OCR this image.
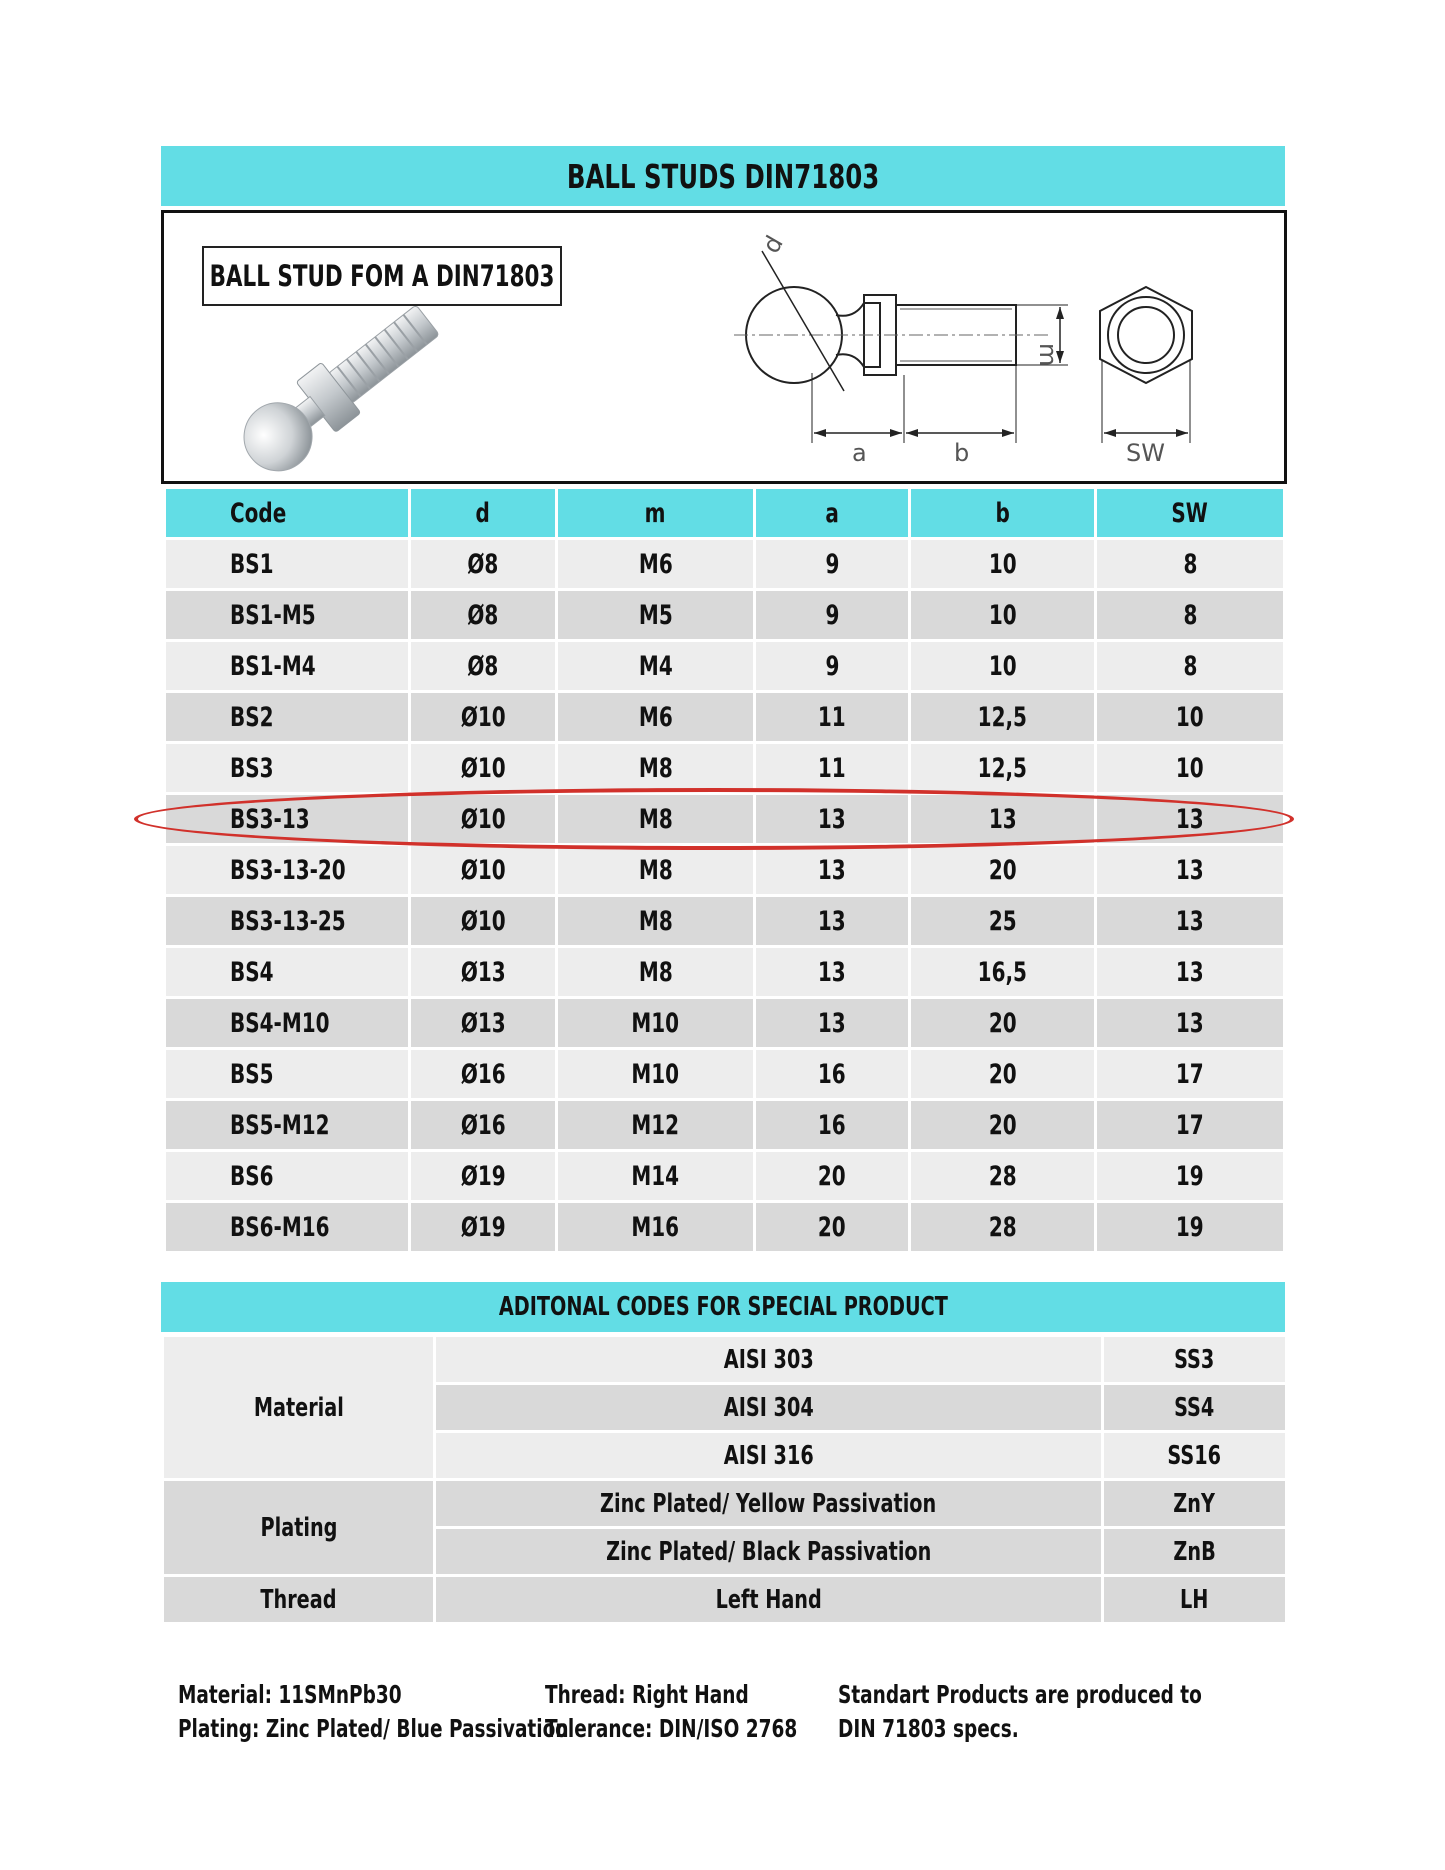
BALL STUDS DIN71803
BALL STUD FOM A DIN71803
d
m
a	b	SW
Code	d	m	a	b	SW
BS1	Ø8	M6	9	10	8
BS1-M5	Ø8	M5	9	10	8
BS1-M4	Ø8	M4	9	10	8
BS2	Ø10	M6	11	12,5	10
BS3	Ø10	M8	11	12,5	10
BS3-13	Ø10	M8	13	13	13
BS3-13-20	Ø10	M8	13	20	13
BS3-13-25	Ø10	M8	13	25	13
BS4	Ø13	M8	13	16,5	13
BS4-M10	Ø13	M10	13	20	13
BS5	Ø16	M10	16	20	17
BS5-M12	Ø16	M12	16	20	17
BS6	Ø19	M14	20	28	19
BS6-M16	Ø19	M16	20	28	19
ADITONAL CODES FOR SPECIAL PRODUCT
Material	AISI 303	SS3
	AISI 304	SS4
	AISI 316	SS16
Plating	Zinc Plated/ Yellow Passivation	ZnY
	Zinc Plated/ Black Passivation	ZnB
Thread	Left Hand	LH
Material: 11SMnPb30
Plating: Zinc Plated/ Blue Passivation
Thread: Right Hand
Tolerance: DIN/ISO 2768
Standart Products are produced to
DIN 71803 specs.
